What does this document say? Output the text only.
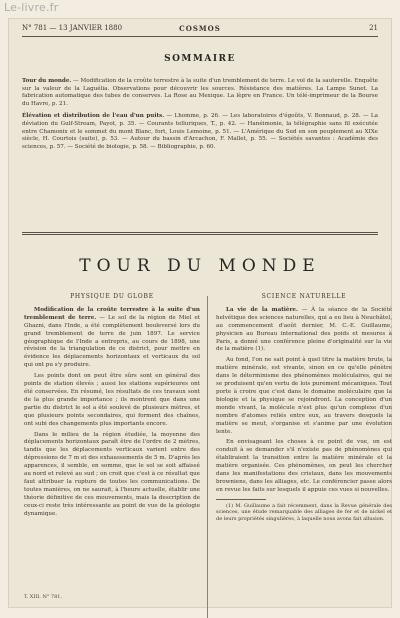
Le-livre.fr
N° 781 — 13 JANVIER 1880	COSMOS	21
SOMMAIRE

Tour du monde. — Modification de la croûte terrestre à la suite d'un tremblement de terre. Le vol de la sauterelle. Enquête sur la valeur de la Laguélia. Observations pour découvrir les sources. Résistance des matières. La Lampe Sunet. La fabrication automatique des tubes de conserves. La Rose au Mexique. La lèpre en France. Un télé-imprimeur de la Bourse du Havre, p. 21.

Élévation et distribution de l'eau d'un puits. — Lhomme, p. 26. — Les laboratoires d'égoûts, V. Bonnaud, p. 28. — La déviation du Gulf-Stream, Payot, p. 35. — Courants telluriques, T., p. 42. — Hanéimonie, la télégraphie sans fil exécutée entre Chamonix et le sommet du mont Blanc, fort, Louis Lemoine, p. 51. — L'Amérique du Sud en son peuplement au XIXe siècle, H. Courtois (suite), p. 53. — Autour du bassin d'Arcachon, F. Mallet, p. 55. — Sociétés savantes : Académie des sciences, p. 57. — Société de biologie, p. 58. — Bibliographie, p. 60.

TOUR DU MONDE
PHYSIQUE DU GLOBE

Modification de la croûte terrestre à la suite d'un tremblement de terre. — Le sol de la région de Miel et Ghazni, dans l'Inde, a été complètement bouleversé lors du grand tremblement de terre de juin 1897. Le service géographique de l'Inde a entrepris, au cours de 1898, une révision de la triangulation de ce district, pour mettre en évidence les déplacements horizontaux et verticaux du sol qui ont pu s'y produire.

Les points dont on peut être sûrs sont en général des points de station élevés ; aussi les stations supérieures ont été conservées. En résumé, les résultats de ces travaux sont de la plus grande importance ; ils montrent que dans une partie du district le sol a été soulevé de plusieurs mètres, et que plusieurs points secondaires, qui forment des chaînes, ont subi des changements plus importants encore.

Dans le milieu de la région étudiée, la moyenne des déplacements horizontaux paraît être de l'ordre de 2 mètres, tandis que les déplacements verticaux varient entre des dépressions de 7 m et des exhaussements de 5 m. D'après les apparences, il semble, en somme, que le sol se soit affaissé au nord et relevé au sud ; on croit que c'est à ce résultat que faut attribuer la rupture de toutes les communications. De toutes manières, on ne saurait, à l'heure actuelle, établir une théorie définitive de ces mouvements, mais la description de ceux-ci reste très intéressante au point de vue de la géologie dynamique.

SCIENCE NATURELLE

La vie de la matière. — À la séance de la Société helvétique des sciences naturelles, qui a eu lieu à Neuchâtel, au commencement d'août dernier, M. C.-E. Guillaume, physicien au Bureau international des poids et mesures à Paris, a donné une conférence pleine d'originalité sur la vie de la matière (1).

Au fond, l'on ne sait point à quel titre la matière brute, la matière minérale, est vivante, sinon en ce qu'elle pénètre dans le déterminisme des phénomènes moléculaires, qui ne se produisent qu'en vertu de lois purement mécaniques. Tout porte à croire que c'est dans le domaine moléculaire que la biologie et la physique se rejoindront. La conception d'un monde vivant, la molécule n'est plus qu'un complexe d'un nombre d'atomes reliés entre eux, au travers desquels la matière se meut, s'organise et s'anime par une évolution lente.

En envisageant les choses à ce point de vue, on est conduit à se demander s'il n'existe pas de phénomènes qui établiraient la transition entre la matière minérale et la matière organisée. Ces phénomènes, on peut les chercher dans les manifestations des cristaux, dans les mouvements browniens, dans les alliages, etc. Le conférencier passe alors en revue les faits sur lesquels il appuie ces vues si nouvelles.

(1) M. Guillaume a fait récemment, dans la Revue générale des sciences, une étude remarquable des alliages de fer et de nickel et de leurs propriétés singulières, à laquelle nous avons fait allusion.

T. XIII. N° 781.
